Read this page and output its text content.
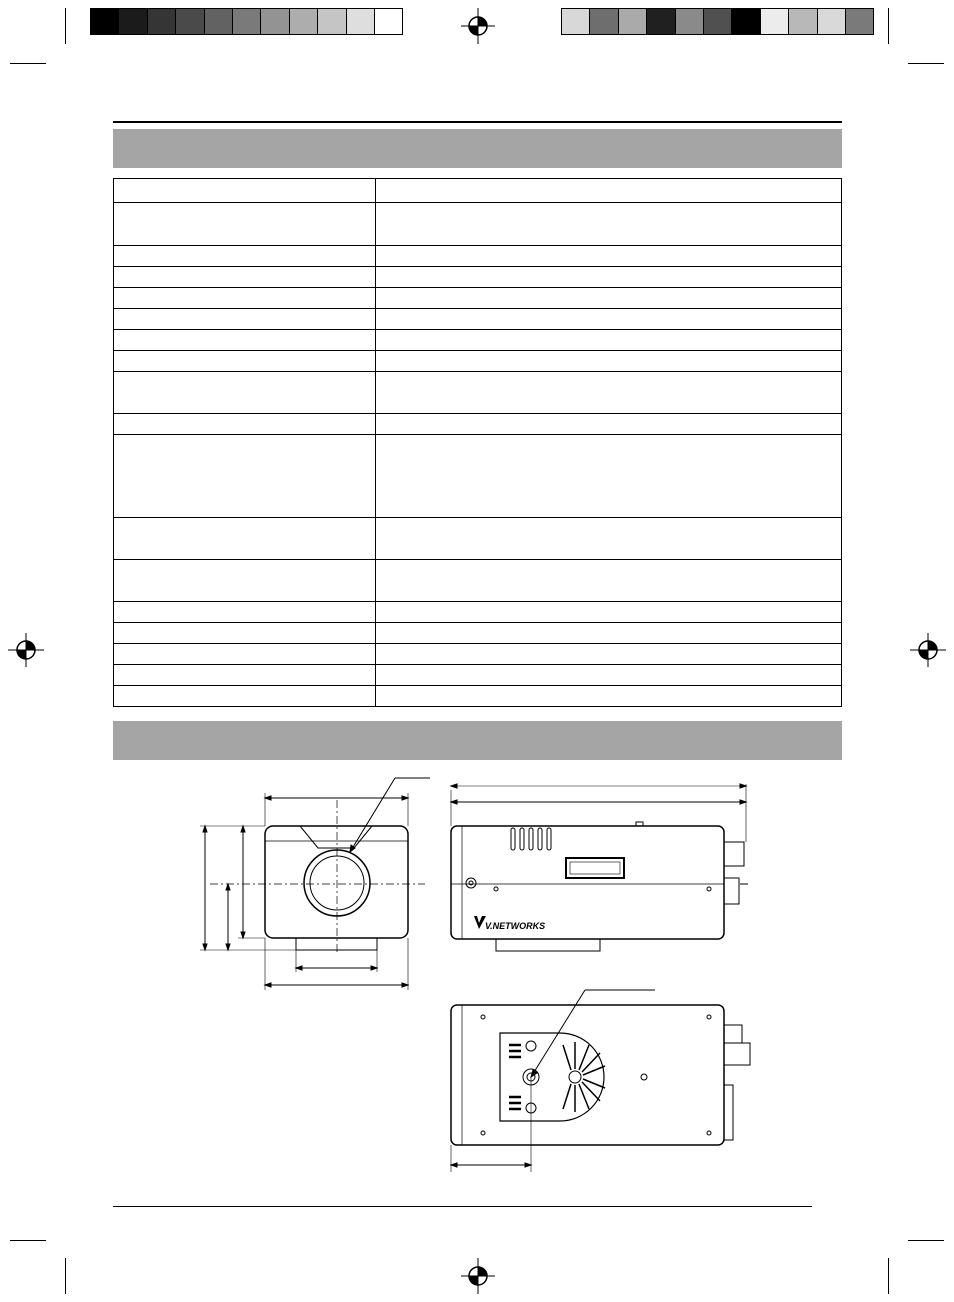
V.NETWORKS
